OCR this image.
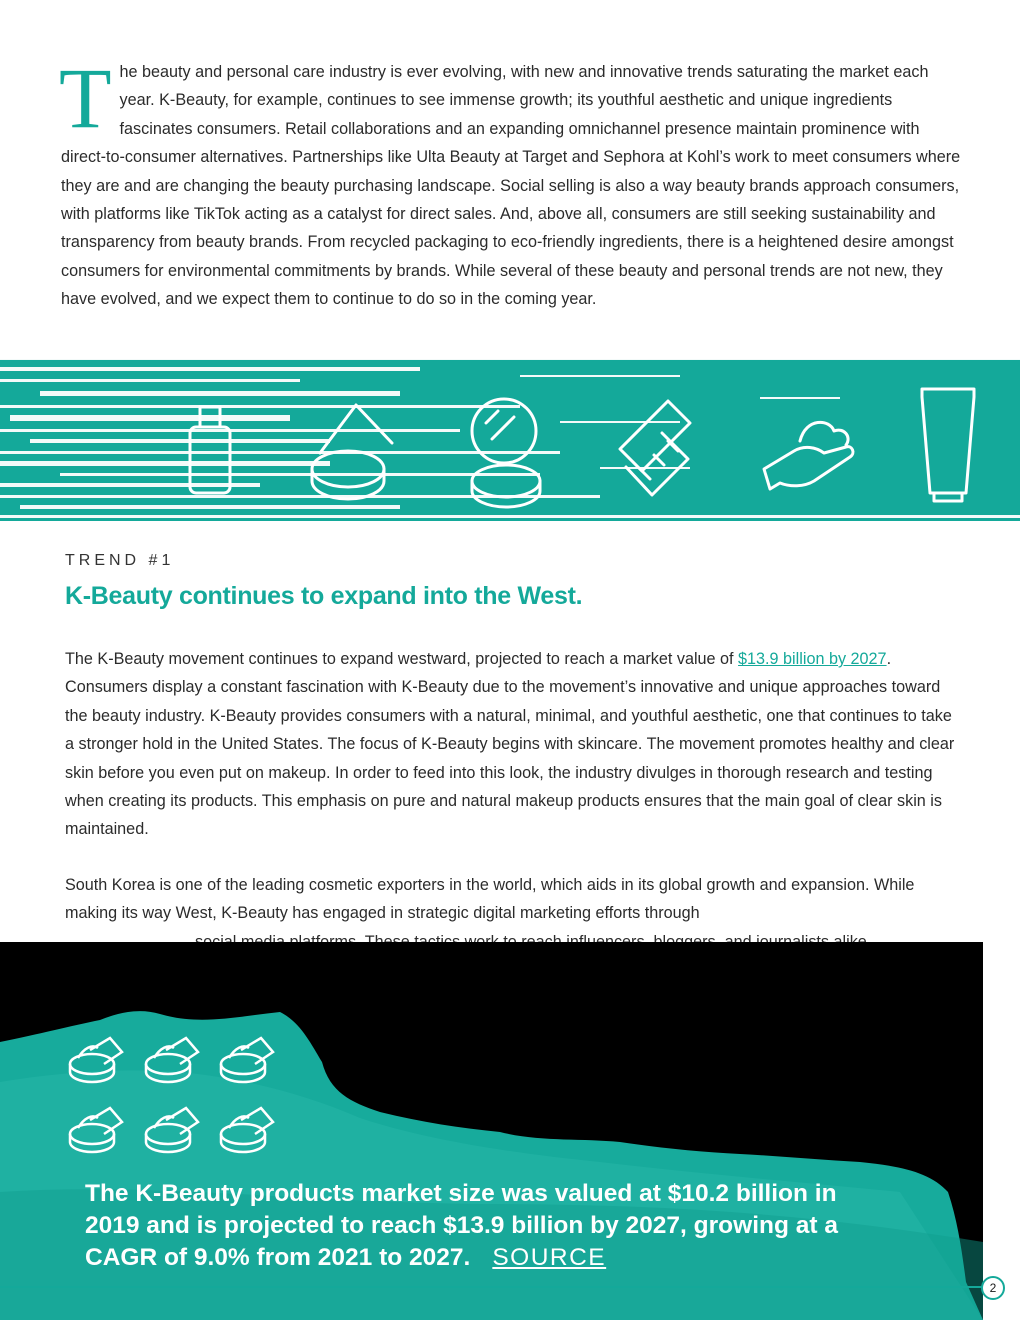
T he beauty and personal care industry is ever evolving, with new and innovative trends saturating the market each year. K-Beauty, for example, continues to see immense growth; its youthful aesthetic and unique ingredients fascinates consumers. Retail collaborations and an expanding omnichannel presence maintain prominence with direct-to-consumer alternatives. Partnerships like Ulta Beauty at Target and Sephora at Kohl’s work to meet consumers where they are and are changing the beauty purchasing landscape. Social selling is also a way beauty brands approach consumers, with platforms like TikTok acting as a catalyst for direct sales. And, above all, consumers are still seeking sustainability and transparency from beauty brands. From recycled packaging to eco-friendly ingredients, there is a heightened desire amongst consumers for environmental commitments by brands. While several of these beauty and personal trends are not new, they have evolved, and we expect them to continue to do so in the coming year.

TREND #1
K-Beauty continues to expand into the West.

The K-Beauty movement continues to expand westward, projected to reach a market value of $13.9 billion by 2027. Consumers display a constant fascination with K-Beauty due to the movement’s innovative and unique approaches toward the beauty industry. K-Beauty provides consumers with a natural, minimal, and youthful aesthetic, one that continues to take a stronger hold in the United States. The focus of K-Beauty begins with skincare. The movement promotes healthy and clear skin before you even put on makeup. In order to feed into this look, the industry divulges in thorough research and testing when creating its products. This emphasis on pure and natural makeup products ensures that the main goal of clear skin is maintained.

South Korea is one of the leading cosmetic exporters in the world, which aids in its global growth and expansion. While making its way West, K-Beauty has engaged in strategic digital marketing efforts through

The K-Beauty products market size was valued at $10.2 billion in 2019 and is projected to reach $13.9 billion by 2027, growing at a CAGR of 9.0% from 2021 to 2027. SOURCE

2
